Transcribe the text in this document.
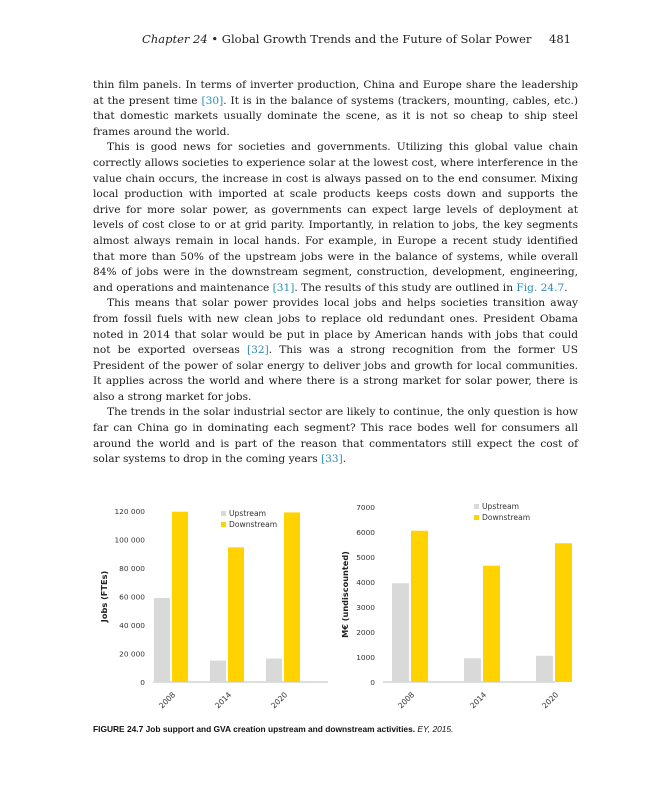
Chapter 24 • Global Growth Trends and the Future of Solar Power 481

thin film panels. In terms of inverter production, China and Europe share the leadership at the present time [30]. It is in the balance of systems (trackers, mounting, cables, etc.) that domestic markets usually dominate the scene, as it is not so cheap to ship steel frames around the world.

This is good news for societies and governments. Utilizing this global value chain correctly allows societies to experience solar at the lowest cost, where interference in the value chain occurs, the increase in cost is always passed on to the end consumer. Mixing local production with imported at scale products keeps costs down and supports the drive for more solar power, as governments can expect large levels of deployment at levels of cost close to or at grid parity. Importantly, in relation to jobs, the key segments almost always remain in local hands. For example, in Europe a recent study identified that more than 50% of the upstream jobs were in the balance of systems, while overall 84% of jobs were in the downstream segment, construction, development, engineering, and operations and maintenance [31]. The results of this study are outlined in Fig. 24.7.

This means that solar power provides local jobs and helps societies transition away from fossil fuels with new clean jobs to replace old redundant ones. President Obama noted in 2014 that solar would be put in place by American hands with jobs that could not be exported overseas [32]. This was a strong recognition from the former US President of the power of solar energy to deliver jobs and growth for local communities. It applies across the world and where there is a strong market for solar power, there is also a strong market for jobs.

The trends in the solar industrial sector are likely to continue, the only question is how far can China go in dominating each segment? This race bodes well for consumers all around the world and is part of the reason that commentators still expect the cost of solar systems to drop in the coming years [33].

0
20 000
40 000
60 000
80 000
100 000
120 000
Jobs (FTEs)
2008	2014	2020
Upstream
Downstream
0
1000
2000
3000
4000
5000
6000
7000
M€ (undiscounted)
2008	2014	2020
Upstream
Downstream
FIGURE 24.7 Job support and GVA creation upstream and downstream activities. EY, 2015.
